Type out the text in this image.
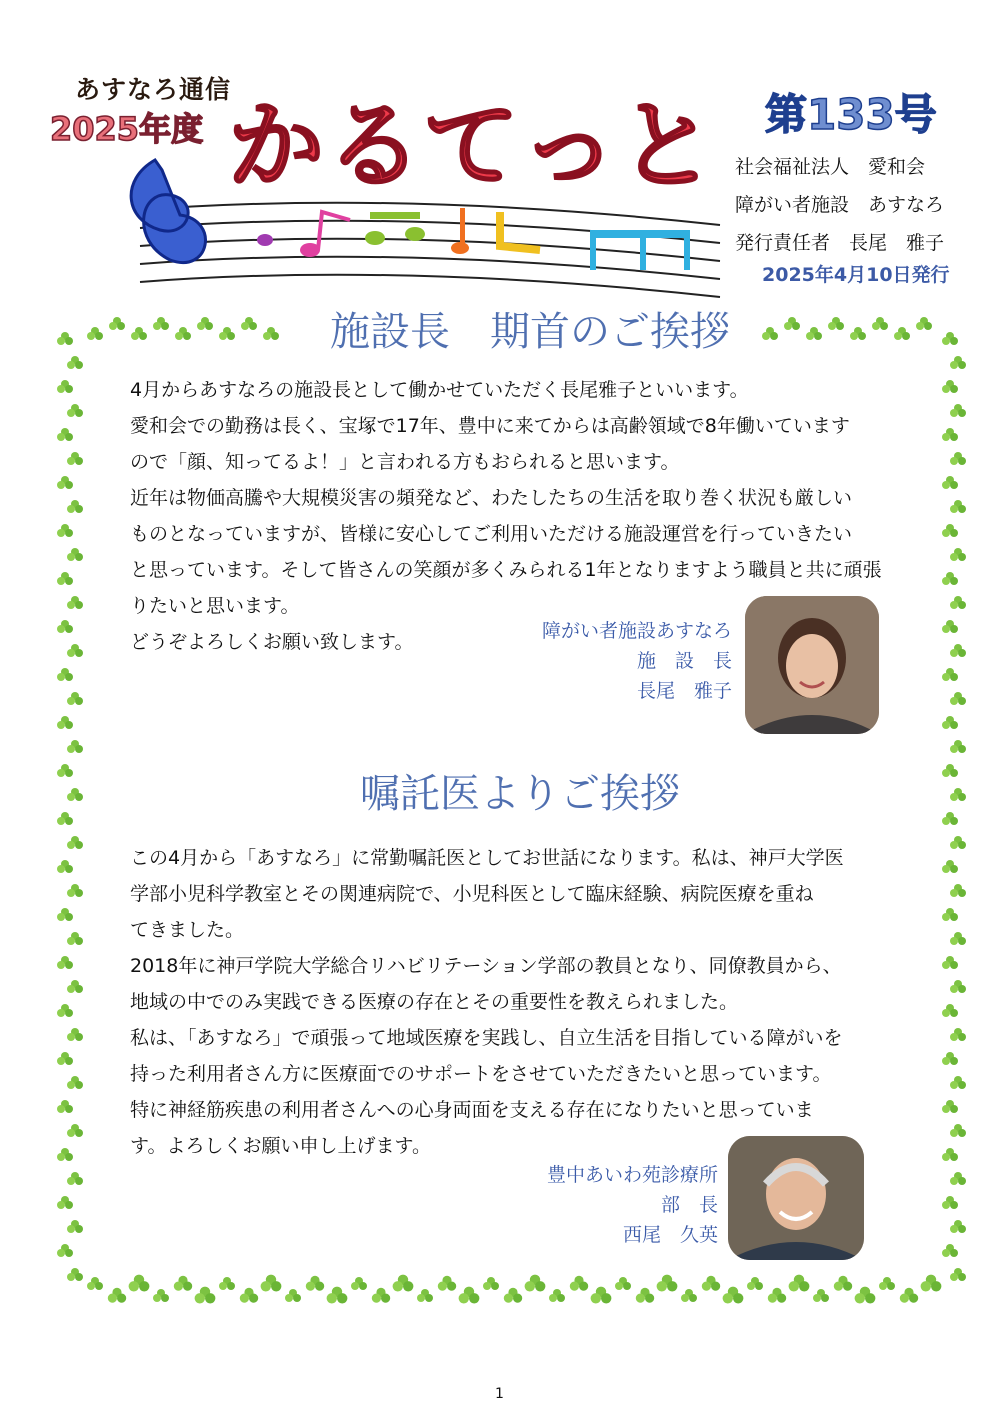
あすなろ通信
2025年度 かるてっと 第133号
社会福祉法人　愛和会
障がい者施設　あすなろ
発行責任者　長尾　雅子
2025年4月10日発行
施設長　期首のご挨拶

4月からあすなろの施設長として働かせていただく長尾雅子といいます。

愛和会での勤務は長く、宝塚で17年、豊中に来てからは高齢領域で8年働いています

ので「顔、知ってるよ！」と言われる方もおられると思います。

近年は物価高騰や大規模災害の頻発など、わたしたちの生活を取り巻く状況も厳しい

ものとなっていますが、皆様に安心してご利用いただける施設運営を行っていきたい

と思っています。そして皆さんの笑顔が多くみられる1年となりますよう職員と共に頑張

りたいと思います。

どうぞよろしくお願い致します。	障がい者施設あすなろ
施　設　長
長尾　雅子
嘱託医よりご挨拶

この4月から「あすなろ」に常勤嘱託医としてお世話になります。私は、神戸大学医

学部小児科学教室とその関連病院で、小児科医として臨床経験、病院医療を重ね

てきました。

2018年に神戸学院大学総合リハビリテーション学部の教員となり、同僚教員から、

地域の中でのみ実践できる医療の存在とその重要性を教えられました。

私は、「あすなろ」で頑張って地域医療を実践し、自立生活を目指している障がいを

持った利用者さん方に医療面でのサポートをさせていただきたいと思っています。

特に神経筋疾患の利用者さんへの心身両面を支える存在になりたいと思っていま

す。よろしくお願い申し上げます。

豊中あいわ苑診療所
部　長
西尾　久英
1
